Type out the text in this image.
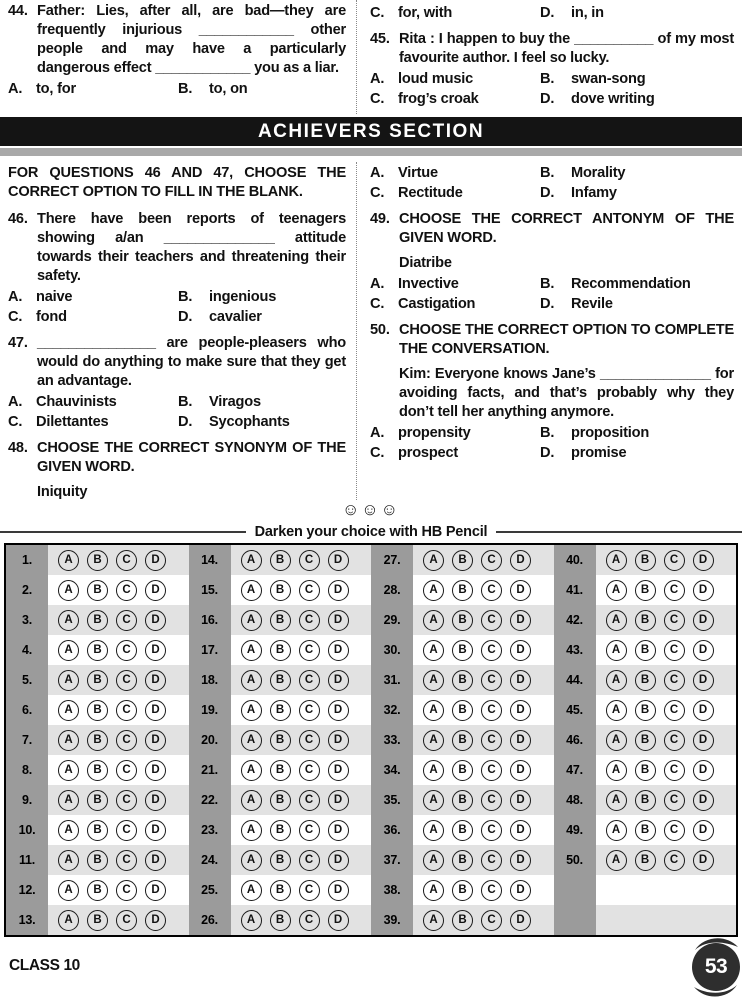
44. Father: Lies, after all, are bad—they are frequently injurious ____________ other people and may have a particularly dangerous effect ____________ you as a liar.
A. to, for	B.	to, on
C. for, with	D.	in, in
45. Rita : I happen to buy the __________ of my most favourite author. I feel so lucky.
A. loud music	B.	swan-song
C. frog’s croak	D.	dove writing
ACHIEVERS SECTION

FOR QUESTIONS 46 AND 47, CHOOSE THE CORRECT OPTION TO FILL IN THE BLANK.

46. There have been reports of teenagers showing a/an ______________ attitude towards their teachers and threatening their safety.
A. naive	B.	ingenious
C. fond	D.	cavalier
47. _______________ are people-pleasers who would do anything to make sure that they get an advantage.
A. Chauvinists	B.	Viragos
C. Dilettantes	D.	Sycophants
48. CHOOSE THE CORRECT SYNONYM OF THE GIVEN WORD.
Iniquity
A. Virtue	B.	Morality
C. Rectitude	D.	Infamy
49. CHOOSE THE CORRECT ANTONYM OF THE GIVEN WORD.
Diatribe
A. Invective	B.	Recommendation
C. Castigation	D.	Revile
50. CHOOSE THE CORRECT OPTION TO COMPLETE THE CONVERSATION.
Kim: Everyone knows Jane’s ______________ for avoiding facts, and that’s probably why they don’t tell her anything anymore.
A. propensity	B.	proposition
C. prospect	D.	promise
☺☺☺
Darken your choice with HB Pencil
1.	A	B	C	D
2.	A	B	C	D
3.	A	B	C	D
4.	A	B	C	D
5.	A	B	C	D
6.	A	B	C	D
7.	A	B	C	D
8.	A	B	C	D
9.	A	B	C	D
10.	A	B	C	D
11.	A	B	C	D
12.	A	B	C	D
13.	A	B	C	D
14.	A	B	C	D
15.	A	B	C	D
16.	A	B	C	D
17.	A	B	C	D
18.	A	B	C	D
19.	A	B	C	D
20.	A	B	C	D
21.	A	B	C	D
22.	A	B	C	D
23.	A	B	C	D
24.	A	B	C	D
25.	A	B	C	D
26.	A	B	C	D
27.	A	B	C	D
28.	A	B	C	D
29.	A	B	C	D
30.	A	B	C	D
31.	A	B	C	D
32.	A	B	C	D
33.	A	B	C	D
34.	A	B	C	D
35.	A	B	C	D
36.	A	B	C	D
37.	A	B	C	D
38.	A	B	C	D
39.	A	B	C	D
40.	A	B	C	D
41.	A	B	C	D
42.	A	B	C	D
43.	A	B	C	D
44.	A	B	C	D
45.	A	B	C	D
46.	A	B	C	D
47.	A	B	C	D
48.	A	B	C	D
49.	A	B	C	D
50.	A	B	C	D
CLASS 10	53
